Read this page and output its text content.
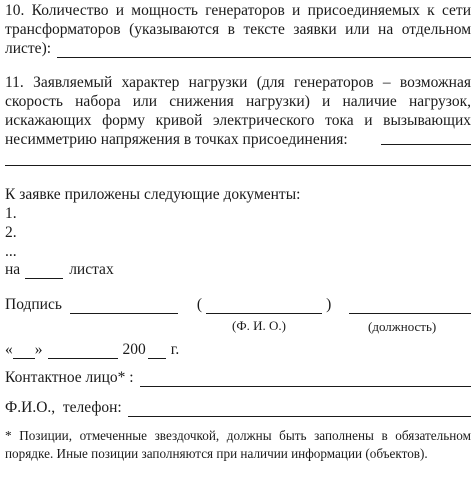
10. Количество и мощность генераторов и присоединяемых к сети
трансформаторов (указываются в тексте заявки или на отдельном
листе):
11. Заявляемый характер нагрузки (для генераторов – возможная скорость набора или снижения нагрузки) и наличие нагрузок, искажающих форму кривой электрического тока и вызывающих несимметрию напряжения в точках присоединения:
К заявке приложены следующие документы:
1.
2.
...
на	листах
Подпись	(	)
(Ф. И. О.)	(должность)
« »	200 г.
Контактное лицо* :
Ф.И.О.,  телефон:
* Позиции, отмеченные звездочкой, должны быть заполнены в обязательном порядке. Иные позиции заполняются при наличии информации (объектов).
